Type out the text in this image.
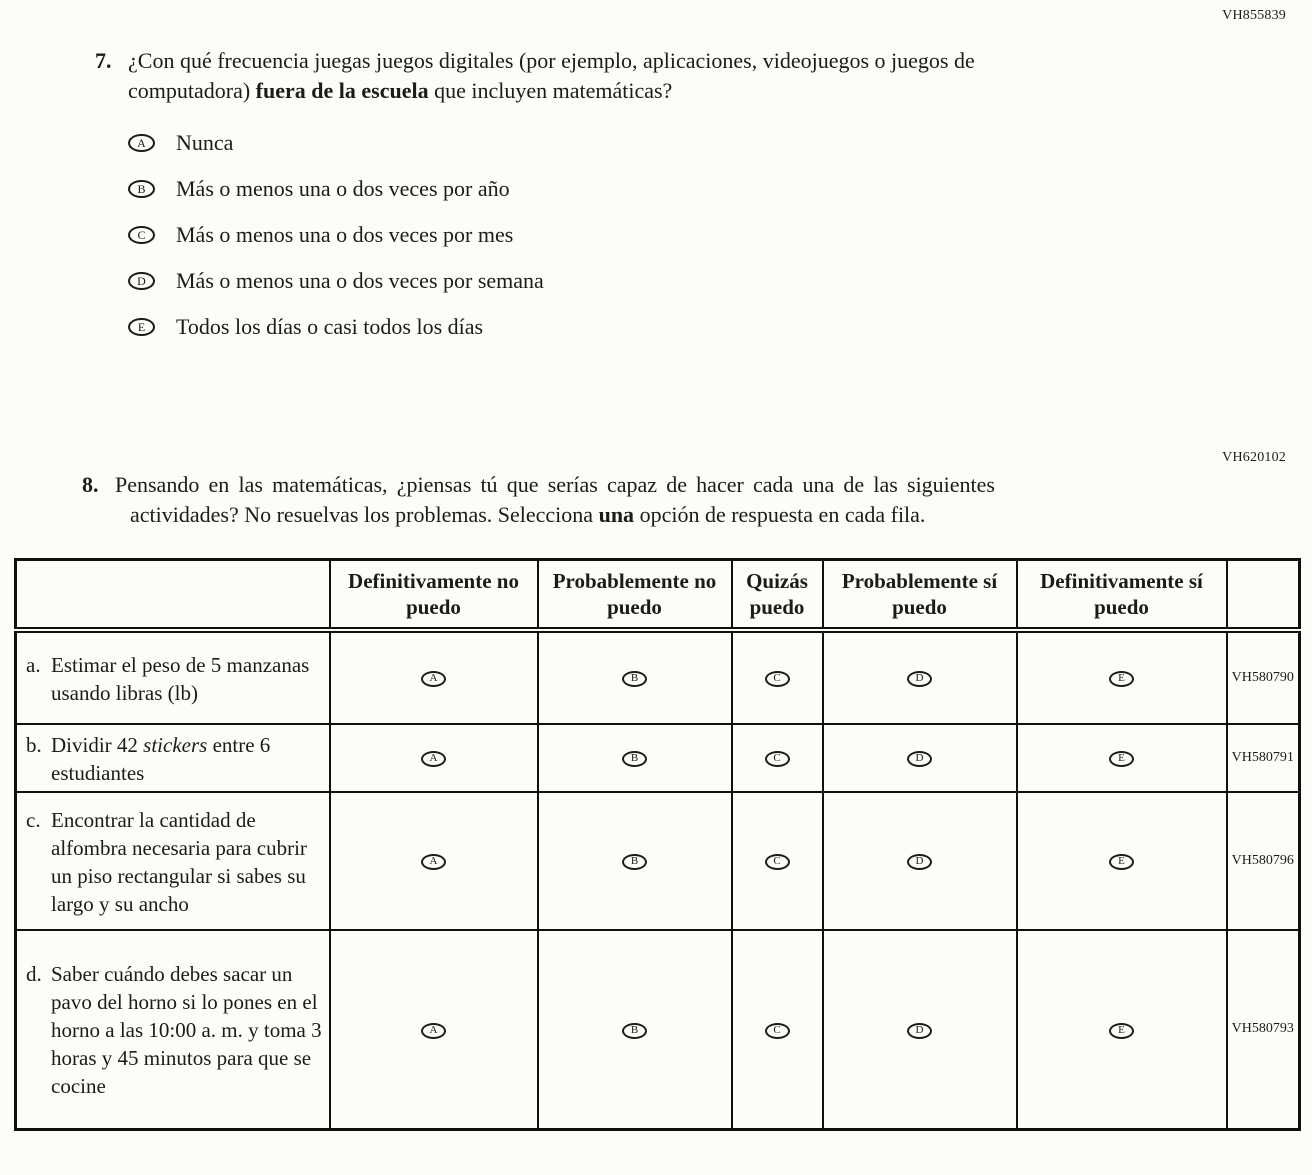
VH855839
7. ¿Con qué frecuencia juegas juegos digitales (por ejemplo, aplicaciones, videojuegos o juegos de computadora) fuera de la escuela que incluyen matemáticas?
A	Nunca
B	Más o menos una o dos veces por año
C	Más o menos una o dos veces por mes
D	Más o menos una o dos veces por semana
E	Todos los días o casi todos los días
VH620102
8. Pensando en las matemáticas, ¿piensas tú que serías capaz de hacer cada una de las siguientes actividades? No resuelvas los problemas. Selecciona una opción de respuesta en cada fila.
	Definitivamente no puedo	Probablemente no puedo	Quizás puedo	Probablemente sí puedo	Definitivamente sí puedo	

a. Estimar el peso de 5 manzanas usando libras (lb)	A	B	C	D	E	VH580790

b. Dividir 42 stickers entre 6 estudiantes	A	B	C	D	E	VH580791

c. Encontrar la cantidad de alfombra necesaria para cubrir un piso rectangular si sabes su largo y su ancho	A	B	C	D	E	VH580796

d. Saber cuándo debes sacar un pavo del horno si lo pones en el horno a las 10:00 a. m. y toma 3 horas y 45 minutos para que se cocine	A	B	C	D	E	VH580793
